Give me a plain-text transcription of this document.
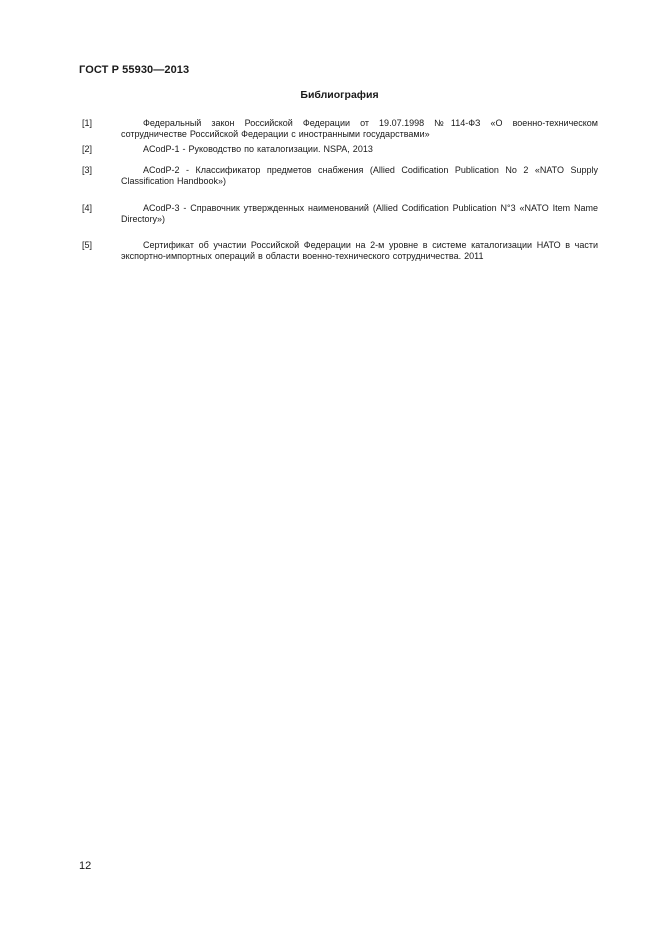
ГОСТ Р 55930—2013
Библиография
[1]	Федеральный закон Российской Федерации от 19.07.1998 №114-ФЗ «О военно-техническом сотрудничестве Российской Федерации с иностранными государствами»
[2]	ACodP-1 - Руководство по каталогизации. NSPA, 2013
[3]	ACodP-2 - Классификатор предметов снабжения (Allied Codification Publication No 2 «NATO Supply Classification Handbook»)
[4]	ACodP-3 - Справочник утвержденных наименований (Allied Codification Publication N°3 «NATO Item Name Directory»)
[5]	Сертификат об участии Российской Федерации на 2-м уровне в системе каталогизации НАТО в части экспортно-импортных операций в области военно-технического сотрудничества. 2011
12
